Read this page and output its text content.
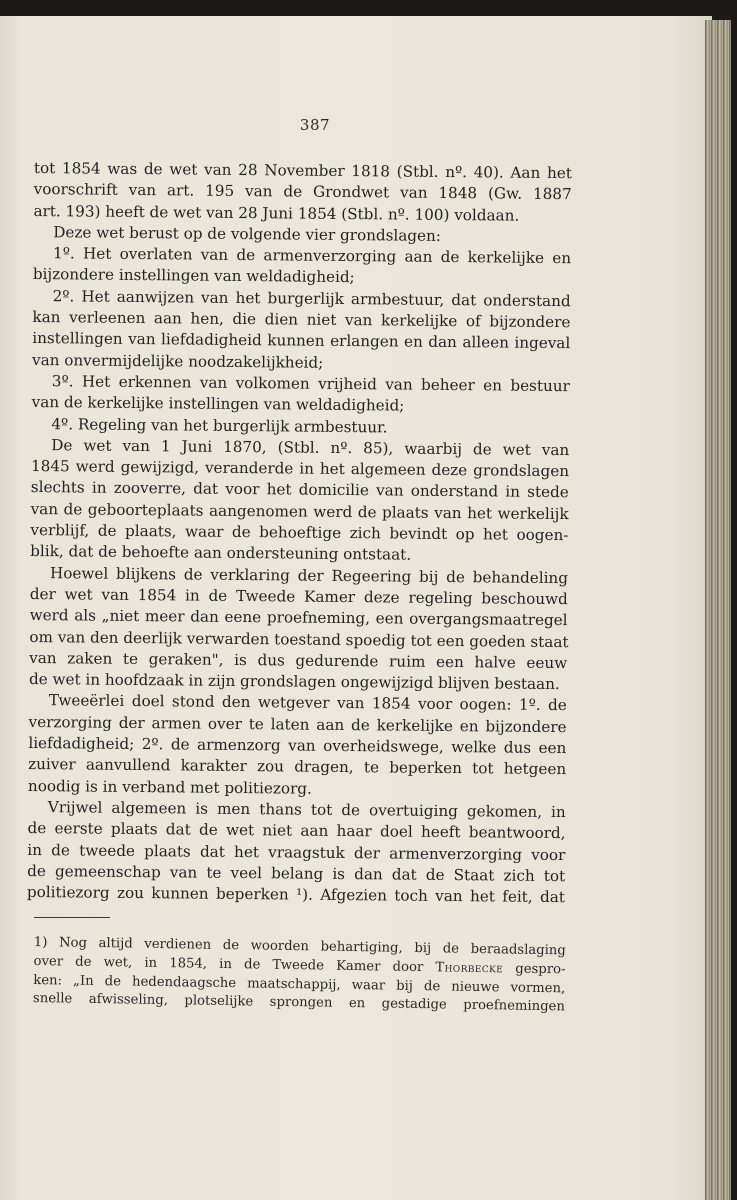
387
tot 1854 was de wet van 28 November 1818 (Stbl. nº. 40). Aan het
voorschrift van art. 195 van de Grondwet van 1848 (Gw. 1887
art. 193) heeft de wet van 28 Juni 1854 (Stbl. nº. 100) voldaan.
Deze wet berust op de volgende vier grondslagen:
1º. Het overlaten van de armenverzorging aan de kerkelijke en
bijzondere instellingen van weldadigheid;
2º. Het aanwijzen van het burgerlijk armbestuur, dat onderstand
kan verleenen aan hen, die dien niet van kerkelijke of bijzondere
instellingen van liefdadigheid kunnen erlangen en dan alleen ingeval
van onvermijdelijke noodzakelijkheid;
3º. Het erkennen van volkomen vrijheid van beheer en bestuur
van de kerkelijke instellingen van weldadigheid;
4º. Regeling van het burgerlijk armbestuur.
De wet van 1 Juni 1870, (Stbl. nº. 85), waarbij de wet van
1845 werd gewijzigd, veranderde in het algemeen deze grondslagen
slechts in zooverre, dat voor het domicilie van onderstand in stede
van de geboorteplaats aangenomen werd de plaats van het werkelijk
verblijf, de plaats, waar de behoeftige zich bevindt op het oogen-
blik, dat de behoefte aan ondersteuning ontstaat.
Hoewel blijkens de verklaring der Regeering bij de behandeling
der wet van 1854 in de Tweede Kamer deze regeling beschouwd
werd als „niet meer dan eene proefneming, een overgangsmaatregel
om van den deerlijk verwarden toestand spoedig tot een goeden staat
van zaken te geraken", is dus gedurende ruim een halve eeuw
de wet in hoofdzaak in zijn grondslagen ongewijzigd blijven bestaan.
Tweeërlei doel stond den wetgever van 1854 voor oogen: 1º. de
verzorging der armen over te laten aan de kerkelijke en bijzondere
liefdadigheid; 2º. de armenzorg van overheidswege, welke dus een
zuiver aanvullend karakter zou dragen, te beperken tot hetgeen
noodig is in verband met politiezorg.
Vrijwel algemeen is men thans tot de overtuiging gekomen, in
de eerste plaats dat de wet niet aan haar doel heeft beantwoord,
in de tweede plaats dat het vraagstuk der armenverzorging voor
de gemeenschap van te veel belang is dan dat de Staat zich tot
politiezorg zou kunnen beperken ¹). Afgezien toch van het feit, dat
1) Nog altijd verdienen de woorden behartiging, bij de beraadslaging
over de wet, in 1854, in de Tweede Kamer door Thorbecke gespro-
ken: „In de hedendaagsche maatschappij, waar bij de nieuwe vormen,
snelle afwisseling, plotselijke sprongen en gestadige proefnemingen
